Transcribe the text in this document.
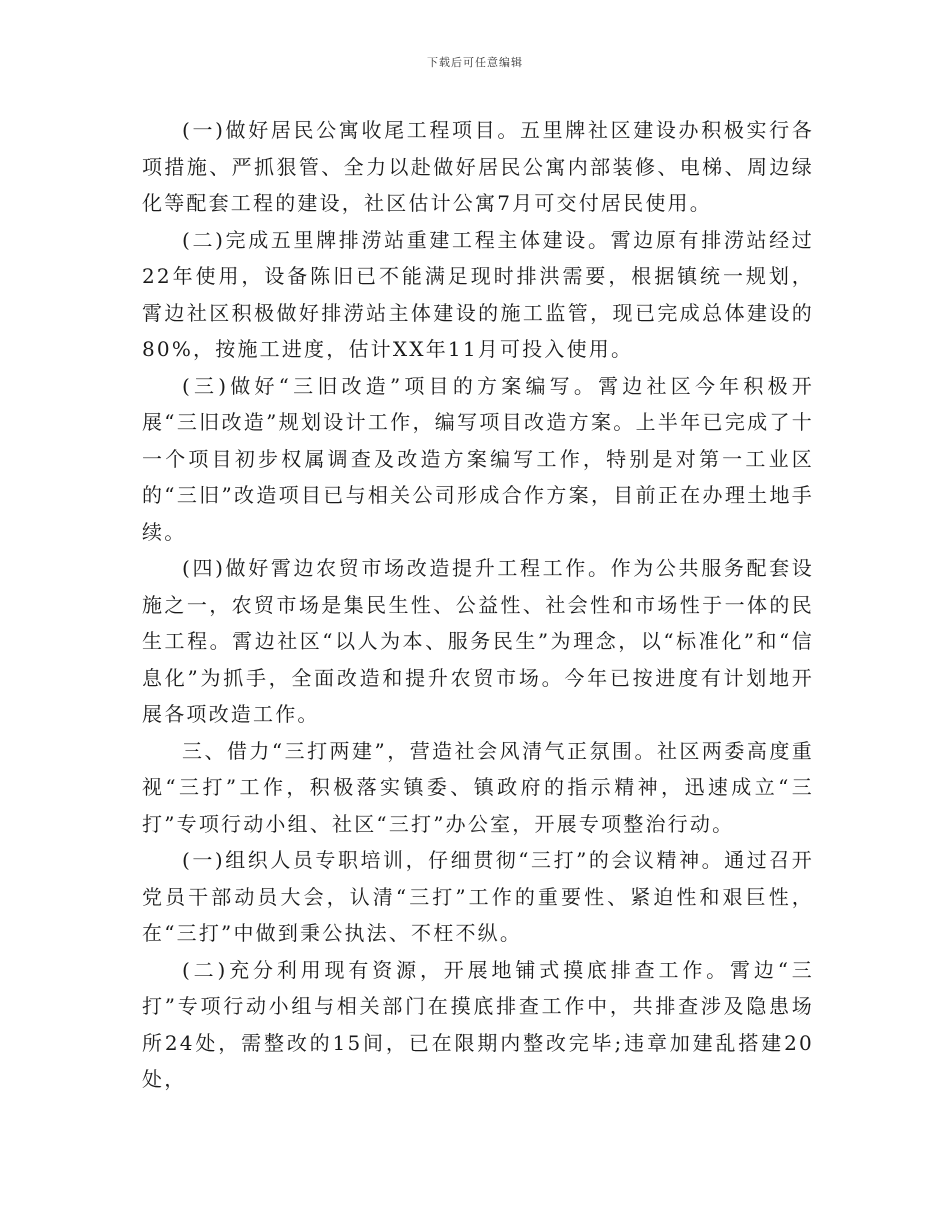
下载后可任意编辑

(一)做好居民公寓收尾工程项目。五里牌社区建设办积极实行各项措施、严抓狠管、全力以赴做好居民公寓内部装修、电梯、周边绿化等配套工程的建设，社区估计公寓7月可交付居民使用。

(二)完成五里牌排涝站重建工程主体建设。霄边原有排涝站经过22年使用，设备陈旧已不能满足现时排洪需要，根据镇统一规划，霄边社区积极做好排涝站主体建设的施工监管，现已完成总体建设的80%，按施工进度，估计XX年11月可投入使用。

(三)做好“三旧改造”项目的方案编写。霄边社区今年积极开展“三旧改造”规划设计工作，编写项目改造方案。上半年已完成了十一个项目初步权属调查及改造方案编写工作，特别是对第一工业区的“三旧”改造项目已与相关公司形成合作方案，目前正在办理土地手续。

(四)做好霄边农贸市场改造提升工程工作。作为公共服务配套设施之一，农贸市场是集民生性、公益性、社会性和市场性于一体的民生工程。霄边社区“以人为本、服务民生”为理念，以“标准化”和“信息化”为抓手，全面改造和提升农贸市场。今年已按进度有计划地开展各项改造工作。

三、借力“三打两建”，营造社会风清气正氛围。社区两委高度重视“三打”工作，积极落实镇委、镇政府的指示精神，迅速成立“三打”专项行动小组、社区“三打”办公室，开展专项整治行动。

(一)组织人员专职培训，仔细贯彻“三打”的会议精神。通过召开党员干部动员大会，认清“三打”工作的重要性、紧迫性和艰巨性，在“三打”中做到秉公执法、不枉不纵。

(二)充分利用现有资源，开展地铺式摸底排查工作。霄边“三打”专项行动小组与相关部门在摸底排查工作中，共排查涉及隐患场所24处，需整改的15间，已在限期内整改完毕;违章加建乱搭建20处，
